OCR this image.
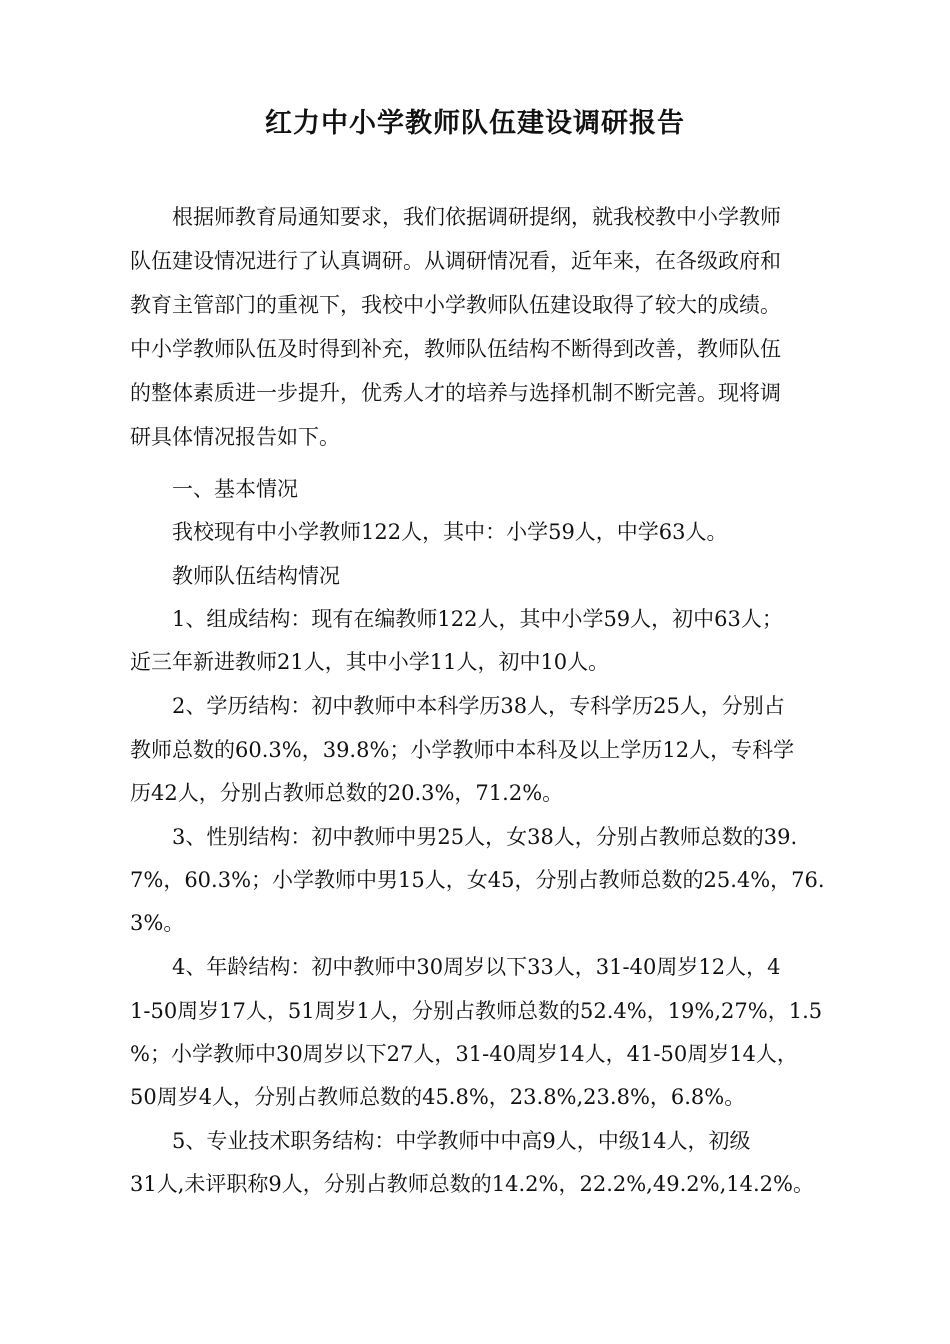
红力中小学教师队伍建设调研报告

根据师教育局通知要求，我们依据调研提纲，就我校教中小学教师

队伍建设情况进行了认真调研。从调研情况看，近年来，在各级政府和

教育主管部门的重视下，我校中小学教师队伍建设取得了较大的成绩。

中小学教师队伍及时得到补充，教师队伍结构不断得到改善，教师队伍

的整体素质进一步提升，优秀人才的培养与选择机制不断完善。现将调

研具体情况报告如下。

一、基本情况

我校现有中小学教师122人，其中：小学59人，中学63人。

教师队伍结构情况

1、组成结构：现有在编教师122人，其中小学59人，初中63人；

近三年新进教师21人，其中小学11人，初中10人。

2、学历结构：初中教师中本科学历38人，专科学历25人，分别占

教师总数的60.3%，39.8%；小学教师中本科及以上学历12人，专科学

历42人，分别占教师总数的20.3%，71.2%。

3、性别结构：初中教师中男25人，女38人，分别占教师总数的39.

7%，60.3%；小学教师中男15人，女45，分别占教师总数的25.4%，76.

3%。

4、年龄结构：初中教师中30周岁以下33人，31-40周岁12人，4

1-50周岁17人，51周岁1人，分别占教师总数的52.4%，19%,27%，1.5

%；小学教师中30周岁以下27人，31-40周岁14人，41-50周岁14人，

50周岁4人，分别占教师总数的45.8%，23.8%,23.8%，6.8%。

5、专业技术职务结构：中学教师中中高9人，中级14人，初级

31人,未评职称9人，分别占教师总数的14.2%，22.2%,49.2%,14.2%。
